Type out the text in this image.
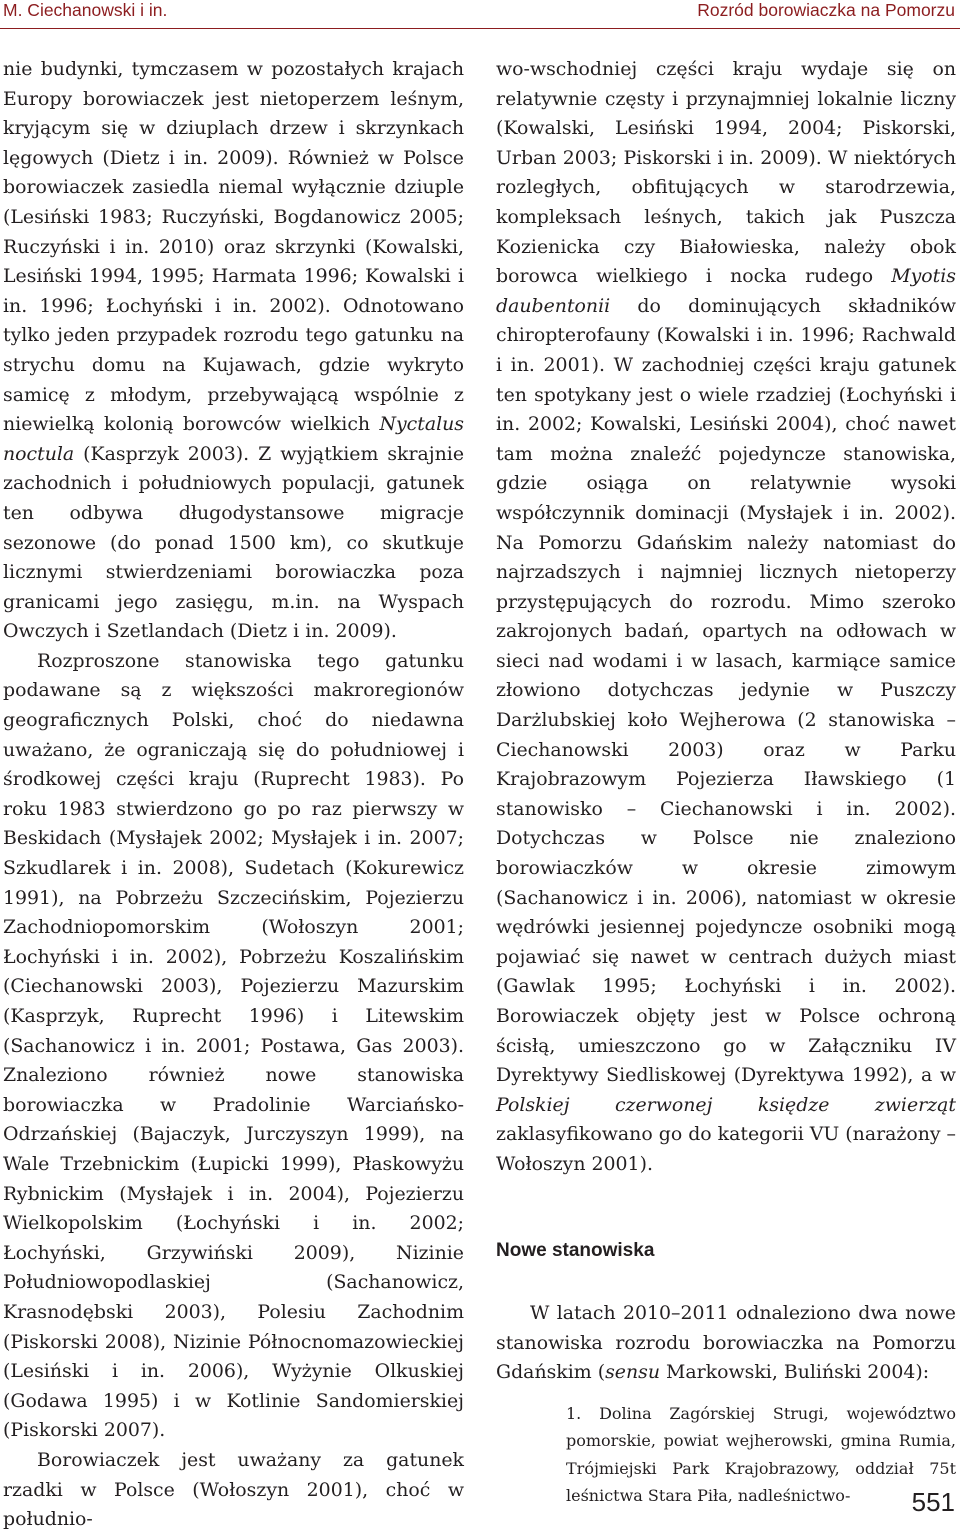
M. Ciechanowski i in.	Rozród borowiaczka na Pomorzu

nie budynki, tymczasem w pozostałych krajach Europy borowiaczek jest nietoperzem leśnym, kryjącym się w dziuplach drzew i skrzynkach lęgowych (Dietz i in. 2009). Również w Polsce borowiaczek zasiedla niemal wyłącznie dziuple (Lesiński 1983; Ruczyński, Bogdanowicz 2005; Ruczyński i in. 2010) oraz skrzynki (Kowalski, Lesiński 1994, 1995; Harmata 1996; Kowalski i in. 1996; Łochyński i in. 2002). Odnotowano tylko jeden przypadek rozrodu tego gatunku na strychu domu na Kujawach, gdzie wykryto samicę z młodym, przebywającą wspólnie z niewielką kolonią borowców wielkich Nyctalus noctula (Kasprzyk 2003). Z wyjątkiem skrajnie zachodnich i południowych populacji, gatunek ten odbywa długodystansowe migracje sezonowe (do ponad 1500 km), co skutkuje licznymi stwierdzeniami borowiaczka poza granicami jego zasięgu, m.in. na Wyspach Owczych i Szetlandach (Dietz i in. 2009).

Rozproszone stanowiska tego gatunku podawane są z większości makroregionów geograficznych Polski, choć do niedawna uważano, że ograniczają się do południowej i środkowej części kraju (Ruprecht 1983). Po roku 1983 stwierdzono go po raz pierwszy w Beskidach (Mysłajek 2002; Mysłajek i in. 2007; Szkudlarek i in. 2008), Sudetach (Kokurewicz 1991), na Pobrzeżu Szczecińskim, Pojezierzu Zachodniopomorskim (Wołoszyn 2001; Łochyński i in. 2002), Pobrzeżu Koszalińskim (Ciechanowski 2003), Pojezierzu Mazurskim (Kasprzyk, Ruprecht 1996) i Litewskim (Sachanowicz i in. 2001; Postawa, Gas 2003). Znaleziono również nowe stanowiska borowiaczka w Pradolinie Warciańsko-Odrzańskiej (Bajaczyk, Jurczyszyn 1999), na Wale Trzebnickim (Łupicki 1999), Płaskowyżu Rybnickim (Mysłajek i in. 2004), Pojezierzu Wielkopolskim (Łochyński i in. 2002; Łochyński, Grzywiński 2009), Nizinie Południowopodlaskiej (Sachanowicz, Krasnodębski 2003), Polesiu Zachodnim (Piskorski 2008), Nizinie Północnomazowieckiej (Lesiński i in. 2006), Wyżynie Olkuskiej (Godawa 1995) i w Kotlinie Sandomierskiej (Piskorski 2007).

Borowiaczek jest uważany za gatunek rzadki w Polsce (Wołoszyn 2001), choć w południo-

wo-wschodniej części kraju wydaje się on relatywnie częsty i przynajmniej lokalnie liczny (Kowalski, Lesiński 1994, 2004; Piskorski, Urban 2003; Piskorski i in. 2009). W niektórych rozległych, obfitujących w starodrzewia, kompleksach leśnych, takich jak Puszcza Kozienicka czy Białowieska, należy obok borowca wielkiego i nocka rudego Myotis daubentonii do dominujących składników chiropterofauny (Kowalski i in. 1996; Rachwald i in. 2001). W zachodniej części kraju gatunek ten spotykany jest o wiele rzadziej (Łochyński i in. 2002; Kowalski, Lesiński 2004), choć nawet tam można znaleźć pojedyncze stanowiska, gdzie osiąga on relatywnie wysoki współczynnik dominacji (Mysłajek i in. 2002). Na Pomorzu Gdańskim należy natomiast do najrzadszych i najmniej licznych nietoperzy przystępujących do rozrodu. Mimo szeroko zakrojonych badań, opartych na odłowach w sieci nad wodami i w lasach, karmiące samice złowiono dotychczas jedynie w Puszczy Darżlubskiej koło Wejherowa (2 stanowiska – Ciechanowski 2003) oraz w Parku Krajobrazowym Pojezierza Iławskiego (1 stanowisko – Ciechanowski i in. 2002). Dotychczas w Polsce nie znaleziono borowiaczków w okresie zimowym (Sachanowicz i in. 2006), natomiast w okresie wędrówki jesiennej pojedyncze osobniki mogą pojawiać się nawet w centrach dużych miast (Gawlak 1995; Łochyński i in. 2002). Borowiaczek objęty jest w Polsce ochroną ścisłą, umieszczono go w Załączniku IV Dyrektywy Siedliskowej (Dyrektywa 1992), a w Polskiej czerwonej księdze zwierząt zaklasyfikowano go do kategorii VU (narażony – Wołoszyn 2001).

Nowe stanowiska

W latach 2010–2011 odnaleziono dwa nowe stanowiska rozrodu borowiaczka na Pomorzu Gdańskim (sensu Markowski, Buliński 2004):

1. Dolina Zagórskiej Strugi, województwo pomorskie, powiat wejherowski, gmina Rumia, Trójmiejski Park Krajobrazowy, oddział 75t leśnictwa Stara Piła, nadleśnictwo-	551
